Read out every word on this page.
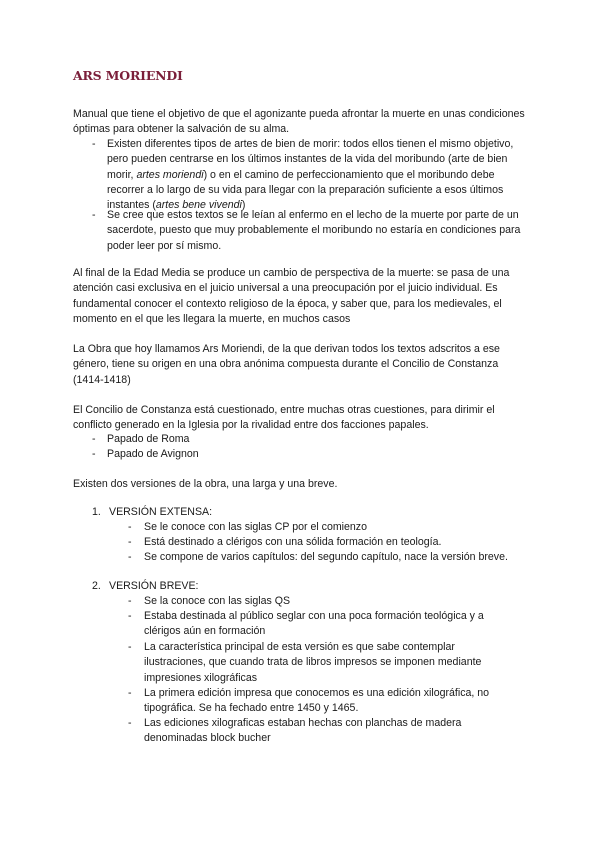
ARS MORIENDI
Manual que tiene el objetivo de que el agonizante pueda afrontar la muerte en unas condiciones óptimas para obtener la salvación de su alma.
- Existen diferentes tipos de artes de bien de morir: todos ellos tienen el mismo objetivo, pero pueden centrarse en los últimos instantes de la vida del moribundo (arte de bien morir, artes moriendi) o en el camino de perfeccionamiento que el moribundo debe recorrer a lo largo de su vida para llegar con la preparación suficiente a esos últimos instantes (artes bene vivendi)
- Se cree que estos textos se le leían al enfermo en el lecho de la muerte por parte de un sacerdote, puesto que muy probablemente el moribundo no estaría en condiciones para poder leer por sí mismo.
Al final de la Edad Media se produce un cambio de perspectiva de la muerte: se pasa de una atención casi exclusiva en el juicio universal a una preocupación por el juicio individual. Es fundamental conocer el contexto religioso de la época, y saber que, para los medievales, el momento en el que les llegara la muerte, en muchos casos
La Obra que hoy llamamos Ars Moriendi, de la que derivan todos los textos adscritos a ese género, tiene su origen en una obra anónima compuesta durante el Concilio de Constanza (1414-1418)
El Concilio de Constanza está cuestionado, entre muchas otras cuestiones, para dirimir el conflicto generado en la Iglesia por la rivalidad entre dos facciones papales.
- Papado de Roma
- Papado de Avignon
Existen dos versiones de la obra, una larga y una breve.
1. VERSIÓN EXTENSA:
- Se le conoce con las siglas CP por el comienzo
- Está destinado a clérigos con una sólida formación en teología.
- Se compone de varios capítulos: del segundo capítulo, nace la versión breve.
2. VERSIÓN BREVE:
- Se la conoce con las siglas QS
- Estaba destinada al público seglar con una poca formación teológica y a clérigos aún en formación
- La característica principal de esta versión es que sabe contemplar ilustraciones, que cuando trata de libros impresos se imponen mediante impresiones xilográficas
- La primera edición impresa que conocemos es una edición xilográfica, no tipográfica. Se ha fechado entre 1450 y 1465.
- Las ediciones xilograficas estaban hechas con planchas de madera denominadas block bucher
